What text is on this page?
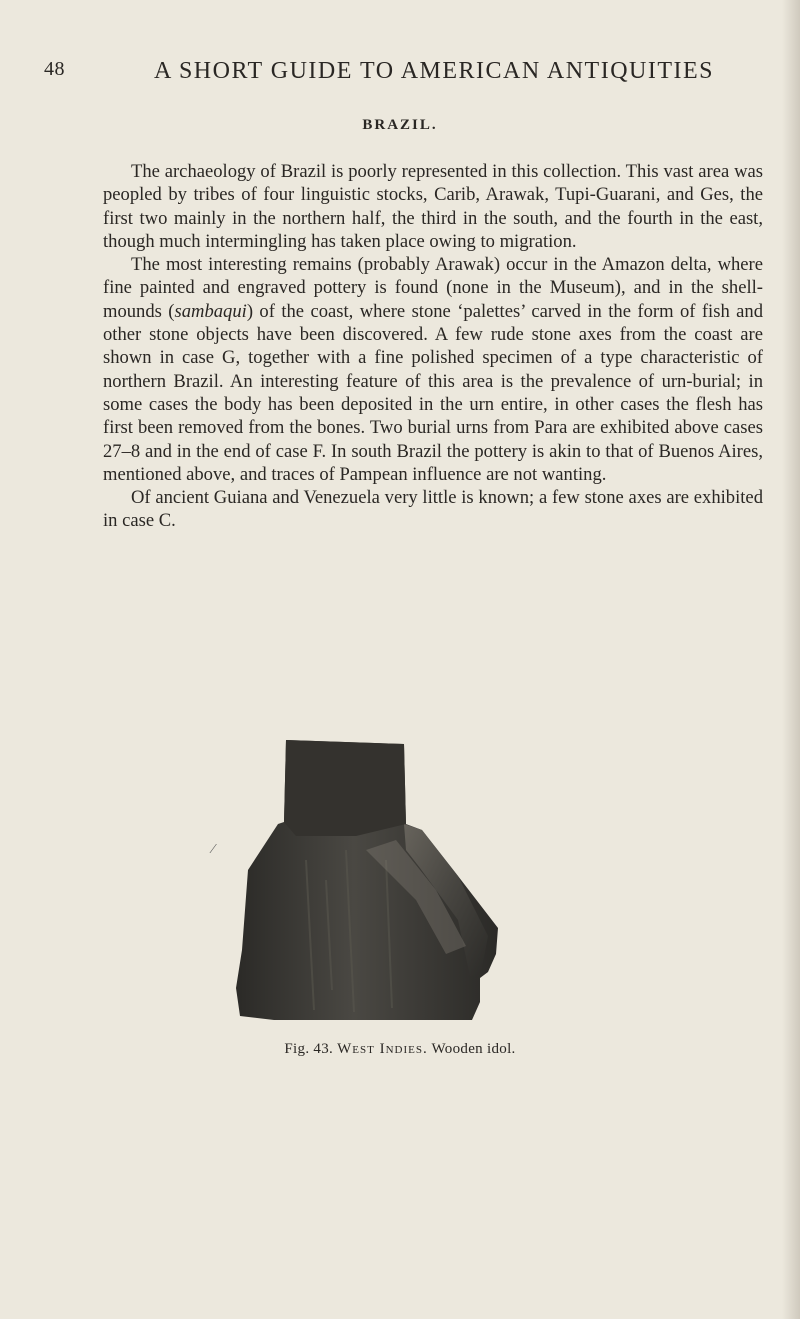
48	A SHORT GUIDE TO AMERICAN ANTIQUITIES
BRAZIL.

The archaeology of Brazil is poorly represented in this collection. This vast area was peopled by tribes of four linguistic stocks, Carib, Arawak, Tupi-Guarani, and Ges, the first two mainly in the northern half, the third in the south, and the fourth in the east, though much intermingling has taken place owing to migration.

The most interesting remains (probably Arawak) occur in the Amazon delta, where fine painted and engraved pottery is found (none in the Museum), and in the shell-mounds (sambaqui) of the coast, where stone ‘palettes’ carved in the form of fish and other stone objects have been discovered. A few rude stone axes from the coast are shown in case G, together with a fine polished specimen of a type characteristic of northern Brazil. An interesting feature of this area is the prevalence of urn-burial; in some cases the body has been deposited in the urn entire, in other cases the flesh has first been removed from the bones. Two burial urns from Para are exhibited above cases 27–8 and in the end of case F. In south Brazil the pottery is akin to that of Buenos Aires, mentioned above, and traces of Pampean influence are not wanting.

Of ancient Guiana and Venezuela very little is known; a few stone axes are exhibited in case C.

⁄
Fig. 43. West Indies. Wooden idol.
